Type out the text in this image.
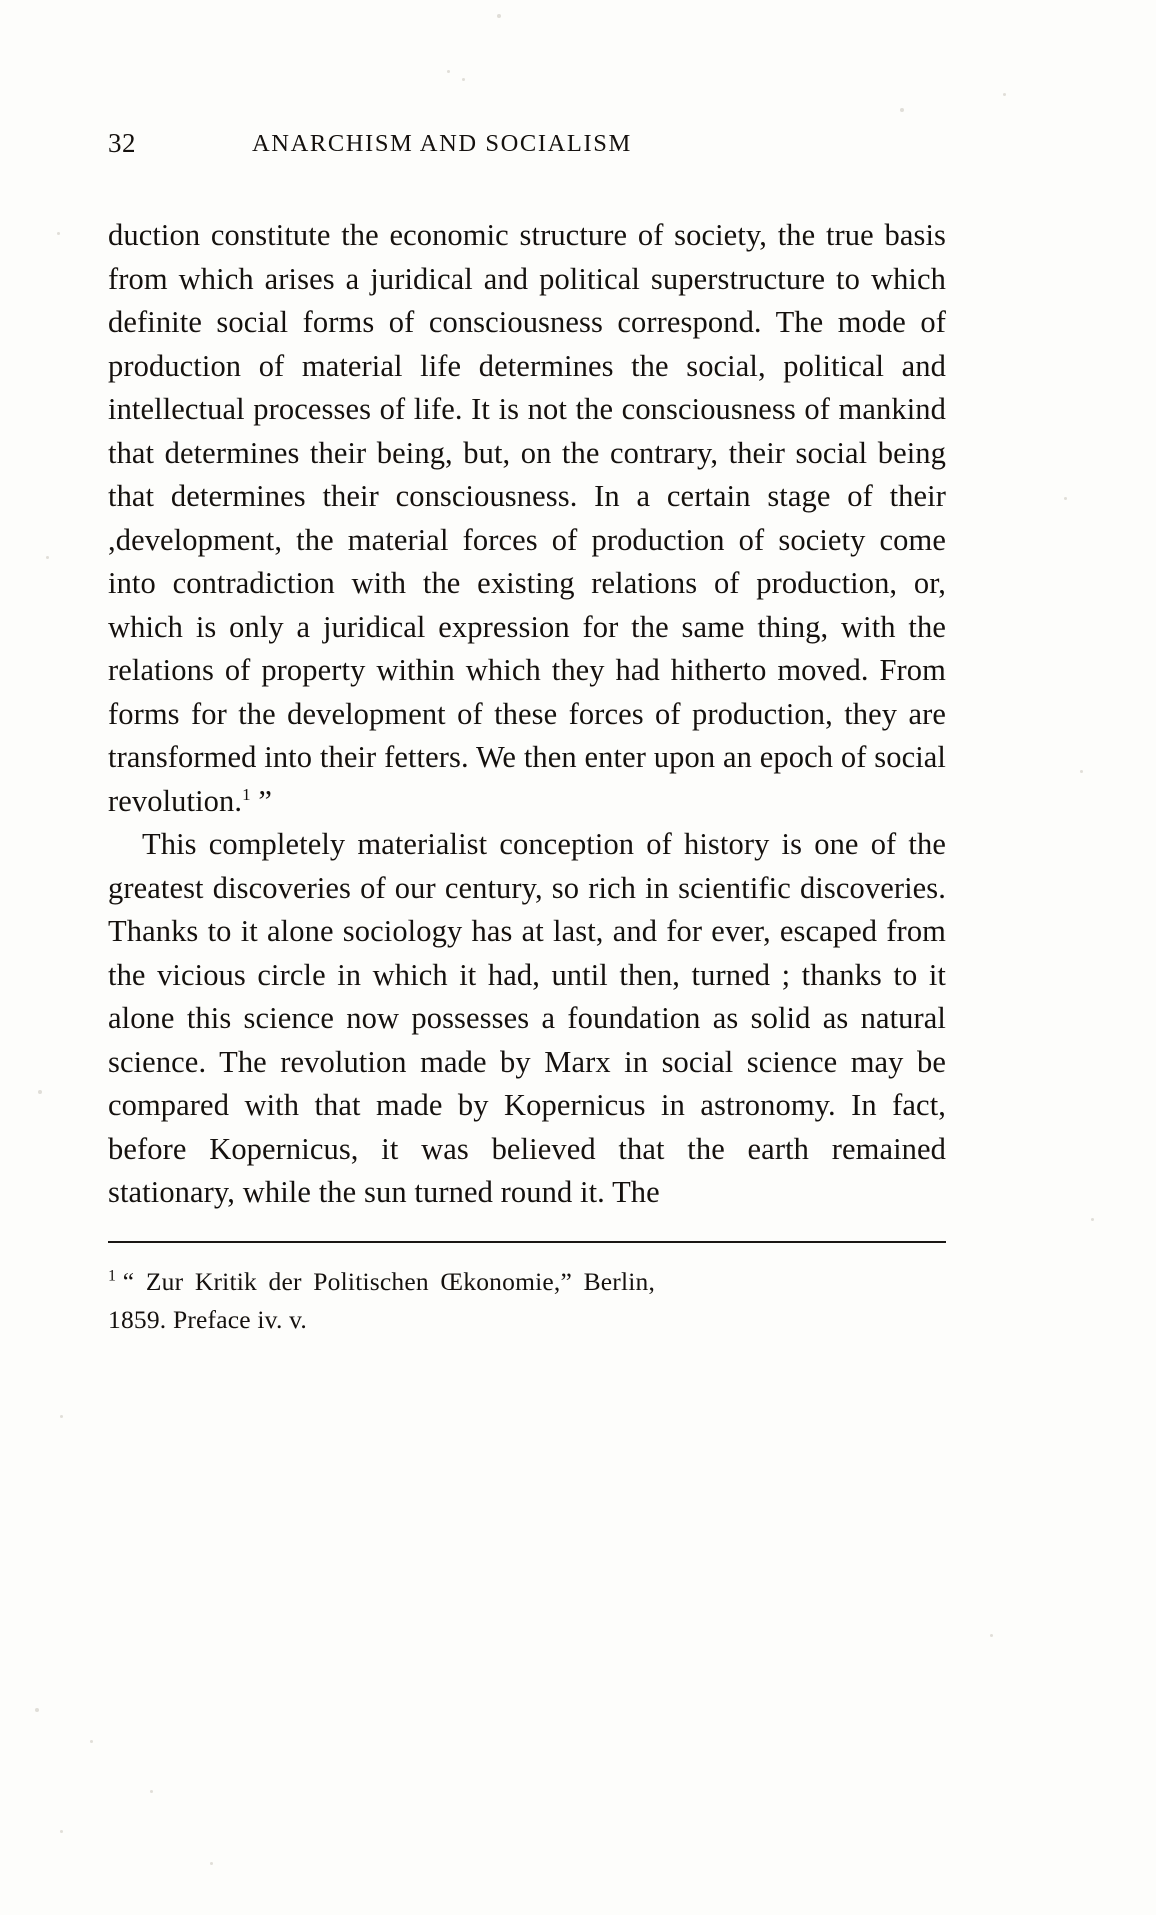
32	ANARCHISM AND SOCIALISM

duction constitute the economic structure of society, the true basis from which arises a juridical and political superstructure to which definite social forms of consciousness correspond. The mode of production of material life determines the social, political and intellectual processes of life. It is not the consciousness of mankind that determines their being, but, on the contrary, their social being that determines their consciousness. In a certain stage of their ,development, the material forces of production of society come into contradiction with the existing relations of production, or, which is only a juridical expression for the same thing, with the relations of property within which they had hitherto moved. From forms for the development of these forces of production, they are transformed into their fetters. We then enter upon an epoch of social revolution.$^1$ ”

This completely materialist conception of history is one of the greatest discoveries of our century, so rich in scientific discoveries. Thanks to it alone sociology has at last, and for ever, escaped from the vicious circle in which it had, until then, turned ; thanks to it alone this science now possesses a foundation as solid as natural science. The revolution made by Marx in social science may be compared with that made by Kopernicus in astronomy. In fact, before Kopernicus, it was believed that the earth remained stationary, while the sun turned round it. The

$^1$ “ Zur Kritik der Politischen Œkonomie,” Berlin,
1859. Preface iv. v.
